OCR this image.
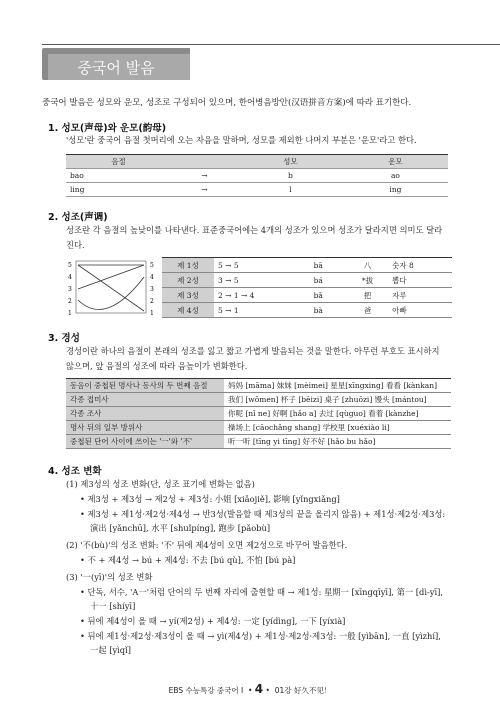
중국어 발음
중국어 발음은 성모와 운모, 성조로 구성되어 있으며, 한어병음방안(汉语拼音方案)에 따라 표기한다.
1. 성모(声母)와 운모(韵母)
'성모'란 중국어 음절 첫머리에 오는 자음을 말하며, 성모를 제외한 나머지 부분은 '운모'라고 한다.
음절		성모	운모
bao	→	b	ao
ling	→	l	ing
2. 성조(声调)
성조란 각 음절의 높낮이를 나타낸다. 표준중국어에는 4개의 성조가 있으며 성조가 달라지면 의미도 달라
진다.
5
4
3
2
1
5
4
3
2
1
제 1성	5 → 5	bā	八	숫자 8
제 2성	3 → 5	bá	*拔	뽑다
제 3성	2 → 1 → 4	bǎ	把	자루
제 4성	5 → 1	bà	爸	아빠
3. 경성
경성이란 하나의 음절이 본래의 성조를 잃고 짧고 가볍게 발음되는 것을 말한다. 아무런 부호도 표시하지
않으며, 앞 음절의 성조에 따라 음높이가 변화한다.
동음이 중첩된 명사나 동사의 두 번째 음절	妈妈 [māma] 妹妹 [mèimei] 星星[xīngxing] 看看 [kànkan]
각종 접미사	我们 [wǒmen] 杯子 [bēizi] 桌子 [zhuōzi] 馒头 [mántou]
각종 조사	你呢 [nǐ ne] 好啊 [hǎo a] 去过 [qùguo] 看着 [kànzhe]
명사 뒤의 일부 방위사	操场上 [cāochǎng shang] 学校里 [xuéxiào li]
중첩된 단어 사이에 쓰이는 '一'와 '不'	听一听 [tīng yi tīng] 好不好 [hǎo bu hǎo]
4. 성조 변화
(1) 제3성의 성조 변화(단, 성조 표기에 변화는 없음)
• 제3성 + 제3성 → 제2성 + 제3성: 小姐 [xiǎojiě], 影响 [yǐngxiǎng]
• 제3성 + 제1성·제2성·제4성 → 반3성(발음할 때 제3성의 끝을 올리지 않음) + 제1성·제2성·제3성:
演出 [yǎnchū], 水平 [shuǐpíng], 跑步 [pǎobù]
(2) '不(bù)'의 성조 변화: '不' 뒤에 제4성이 오면 제2성으로 바꾸어 발음한다.
• 不 + 제4성 → bú + 제4성: 不去 [bú qù], 不怕 [bú pà]
(3) '一(yī)'의 성조 변화
• 단독, 서수, 'A一'처럼 단어의 두 번째 자리에 출현할 때 → 제1성: 星期一 [xīngqīyī], 第一 [dì-yī],
十一 [shíyī]
• 뒤에 제4성이 올 때 → yí(제2성) + 제4성: 一定 [yídìng], 一下 [yíxià]
• 뒤에 제1성·제2성·제3성이 올 때 → yì(제4성) + 제1성·제2성·제3성: 一般 [yìbān], 一直 [yìzhí],
一起 [yìqǐ]
EBS 수능특강 중국어 I  • 4 •  01강 好久不见！
